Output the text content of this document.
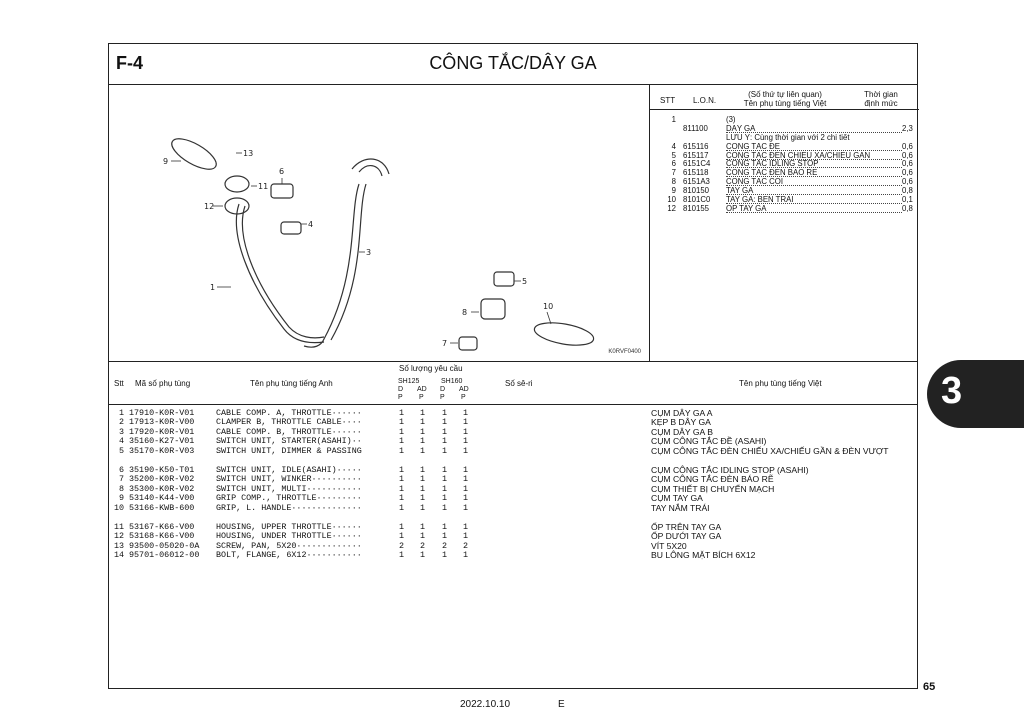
F-4	CÔNG TẮC/DÂY GA
9
13
11
12
6
4
3
1
5
8
10
7
K0RVF0400
STT L.O.N.
(Số thứ tự liên quan)
Tên phụ tùng tiếng Việt
Thời gian
định mức
1	(3)
811100 DÂY GA	2,3
LƯU Ý: Cùng thời gian với 2 chi tiết
4 615116 CÔNG TẮC ĐỀ	0,6
5 615117 CÔNG TẮC ĐÈN CHIẾU XA/CHIẾU GẦN	0,6
6 6151C4 CÔNG TẮC IDLING STOP	0,6
7 615118 CÔNG TẮC ĐÈN BÁO RẼ	0,6
8 6151A3 CÔNG TẮC CÒI	0,6
9 810150 TAY GA	0,8
10 8101C0 TAY GA: BÊN TRÁI	0,1
12 810155 ỐP TAY GA	0,8
Stt Mã số phụ tùng	Tên phụ tùng tiếng Anh
Số lượng yêu cầu
SH125	SH160
D AD D AD
P P P P
Số sê-ri	Tên phụ tùng tiếng Việt
1 17910-K0R-V01	CABLE COMP. A, THROTTLE······	1 1 1 1	CỤM DÂY GA A
2 17913-K0R-V00	CLAMPER B, THROTTLE CABLE····	1 1 1 1	KẸP B DÂY GA
3 17920-K0R-V01	CABLE COMP. B, THROTTLE······	1 1 1 1	CỤM DÂY GA B
4 35160-K27-V01	SWITCH UNIT, STARTER(ASAHI)··	1 1 1 1	CỤM CÔNG TẮC ĐỀ (ASAHI)
5 35170-K0R-V03	SWITCH UNIT, DIMMER & PASSING	1 1 1 1	CỤM CÔNG TẮC ĐÈN CHIẾU XA/CHIẾU GẦN & ĐÈN VƯỢT
6 35190-K50-T01	SWITCH UNIT, IDLE(ASAHI)·····	1 1 1 1	CỤM CÔNG TẮC IDLING STOP (ASAHI)
7 35200-K0R-V02	SWITCH UNIT, WINKER··········	1 1 1 1	CỤM CÔNG TẮC ĐÈN BÁO RẼ
8 35300-K0R-V02	SWITCH UNIT, MULTI···········	1 1 1 1	CỤM THIẾT BỊ CHUYỂN MẠCH
9 53140-K44-V00	GRIP COMP., THROTTLE·········	1 1 1 1	CỤM TAY GA
10 53166-KWB-600	GRIP, L. HANDLE··············	1 1 1 1	TAY NẮM TRÁI
11 53167-K66-V00	HOUSING, UPPER THROTTLE······	1 1 1 1	ỐP TRÊN TAY GA
12 53168-K66-V00	HOUSING, UNDER THROTTLE······	1 1 1 1	ỐP DƯỚI TAY GA
13 93500-05020-0A SCREW, PAN, 5X20·············	2 2 2 2	VÍT 5X20
14 95701-06012-00 BOLT, FLANGE, 6X12···········	1 1 1 1	BU LÔNG MẶT BÍCH 6X12
3
65
2022.10.10	E
